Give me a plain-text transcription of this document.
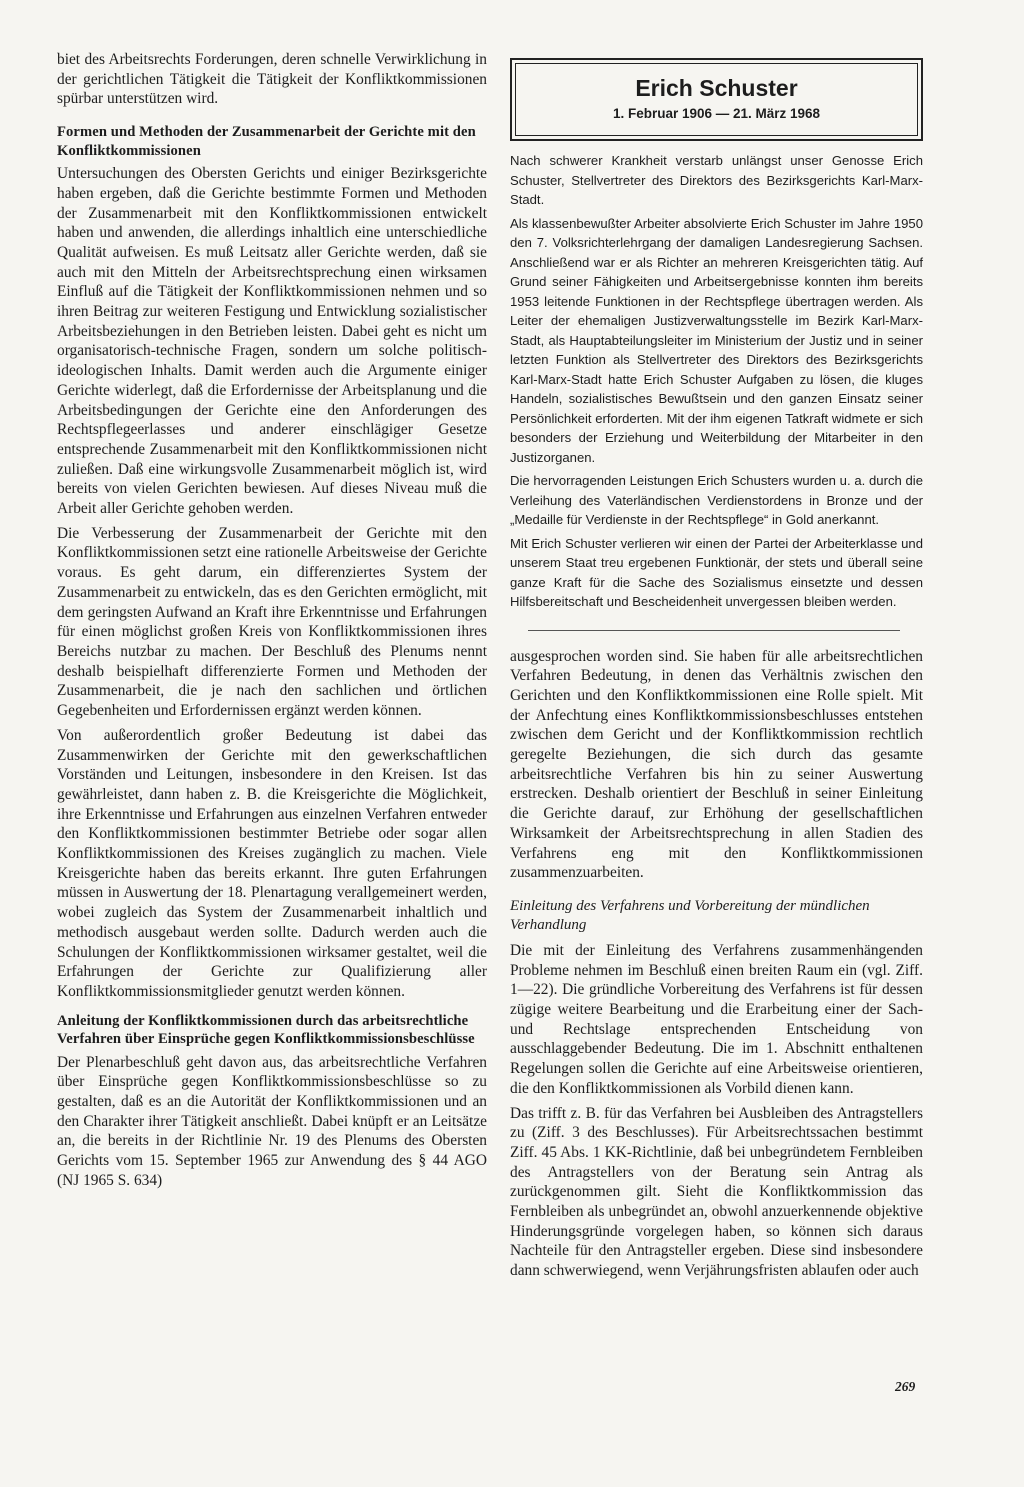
biet des Arbeitsrechts Forderungen, deren schnelle Verwirklichung in der gerichtlichen Tätigkeit die Tätigkeit der Konfliktkommissionen spürbar unterstützen wird.

Formen und Methoden der Zusammenarbeit der Gerichte mit den Konfliktkommissionen

Untersuchungen des Obersten Gerichts und einiger Bezirksgerichte haben ergeben, daß die Gerichte bestimmte Formen und Methoden der Zusammenarbeit mit den Konfliktkommissionen entwickelt haben und anwenden, die allerdings inhaltlich eine unterschiedliche Qualität aufweisen. Es muß Leitsatz aller Gerichte werden, daß sie auch mit den Mitteln der Arbeitsrechtsprechung einen wirksamen Einfluß auf die Tätigkeit der Konfliktkommissionen nehmen und so ihren Beitrag zur weiteren Festigung und Entwicklung sozialistischer Arbeitsbeziehungen in den Betrieben leisten. Dabei geht es nicht um organisatorisch-technische Fragen, sondern um solche politisch-ideologischen Inhalts. Damit werden auch die Argumente einiger Gerichte widerlegt, daß die Erfordernisse der Arbeitsplanung und die Arbeitsbedingungen der Gerichte eine den Anforderungen des Rechtspflegeerlasses und anderer einschlägiger Gesetze entsprechende Zusammenarbeit mit den Konfliktkommissionen nicht zuließen. Daß eine wirkungsvolle Zusammenarbeit möglich ist, wird bereits von vielen Gerichten bewiesen. Auf dieses Niveau muß die Arbeit aller Gerichte gehoben werden.

Die Verbesserung der Zusammenarbeit der Gerichte mit den Konfliktkommissionen setzt eine rationelle Arbeitsweise der Gerichte voraus. Es geht darum, ein differenziertes System der Zusammenarbeit zu entwickeln, das es den Gerichten ermöglicht, mit dem geringsten Aufwand an Kraft ihre Erkenntnisse und Erfahrungen für einen möglichst großen Kreis von Konfliktkommissionen ihres Bereichs nutzbar zu machen. Der Beschluß des Plenums nennt deshalb beispielhaft differenzierte Formen und Methoden der Zusammenarbeit, die je nach den sachlichen und örtlichen Gegebenheiten und Erfordernissen ergänzt werden können.

Von außerordentlich großer Bedeutung ist dabei das Zusammenwirken der Gerichte mit den gewerkschaftlichen Vorständen und Leitungen, insbesondere in den Kreisen. Ist das gewährleistet, dann haben z. B. die Kreisgerichte die Möglichkeit, ihre Erkenntnisse und Erfahrungen aus einzelnen Verfahren entweder den Konfliktkommissionen bestimmter Betriebe oder sogar allen Konfliktkommissionen des Kreises zugänglich zu machen. Viele Kreisgerichte haben das bereits erkannt. Ihre guten Erfahrungen müssen in Auswertung der 18. Plenartagung verallgemeinert werden, wobei zugleich das System der Zusammenarbeit inhaltlich und methodisch ausgebaut werden sollte. Dadurch werden auch die Schulungen der Konfliktkommissionen wirksamer gestaltet, weil die Erfahrungen der Gerichte zur Qualifizierung aller Konfliktkommissionsmitglieder genutzt werden können.

Anleitung der Konfliktkommissionen durch das arbeitsrechtliche Verfahren über Einsprüche gegen Konfliktkommissionsbeschlüsse

Der Plenarbeschluß geht davon aus, das arbeitsrechtliche Verfahren über Einsprüche gegen Konfliktkommissionsbeschlüsse so zu gestalten, daß es an die Autorität der Konfliktkommissionen und an den Charakter ihrer Tätigkeit anschließt. Dabei knüpft er an Leitsätze an, die bereits in der Richtlinie Nr. 19 des Plenums des Obersten Gerichts vom 15. September 1965 zur Anwendung des § 44 AGO (NJ 1965 S. 634)

Erich Schuster
1. Februar 1906 — 21. März 1968

Nach schwerer Krankheit verstarb unlängst unser Genosse Erich Schuster, Stellvertreter des Direktors des Bezirksgerichts Karl-Marx-Stadt.

Als klassenbewußter Arbeiter absolvierte Erich Schuster im Jahre 1950 den 7. Volksrichterlehrgang der damaligen Landesregierung Sachsen. Anschließend war er als Richter an mehreren Kreisgerichten tätig. Auf Grund seiner Fähigkeiten und Arbeitsergebnisse konnten ihm bereits 1953 leitende Funktionen in der Rechtspflege übertragen werden. Als Leiter der ehemaligen Justizverwaltungsstelle im Bezirk Karl-Marx-Stadt, als Hauptabteilungsleiter im Ministerium der Justiz und in seiner letzten Funktion als Stellvertreter des Direktors des Bezirksgerichts Karl-Marx-Stadt hatte Erich Schuster Aufgaben zu lösen, die kluges Handeln, sozialistisches Bewußtsein und den ganzen Einsatz seiner Persönlichkeit erforderten. Mit der ihm eigenen Tatkraft widmete er sich besonders der Erziehung und Weiterbildung der Mitarbeiter in den Justizorganen.

Die hervorragenden Leistungen Erich Schusters wurden u. a. durch die Verleihung des Vaterländischen Verdienstordens in Bronze und der „Medaille für Verdienste in der Rechtspflege“ in Gold anerkannt.

Mit Erich Schuster verlieren wir einen der Partei der Arbeiterklasse und unserem Staat treu ergebenen Funktionär, der stets und überall seine ganze Kraft für die Sache des Sozialismus einsetzte und dessen Hilfsbereitschaft und Bescheidenheit unvergessen bleiben werden.

ausgesprochen worden sind. Sie haben für alle arbeitsrechtlichen Verfahren Bedeutung, in denen das Verhältnis zwischen den Gerichten und den Konfliktkommissionen eine Rolle spielt. Mit der Anfechtung eines Konfliktkommissionsbeschlusses entstehen zwischen dem Gericht und der Konfliktkommission rechtlich geregelte Beziehungen, die sich durch das gesamte arbeitsrechtliche Verfahren bis hin zu seiner Auswertung erstrecken. Deshalb orientiert der Beschluß in seiner Einleitung die Gerichte darauf, zur Erhöhung der gesellschaftlichen Wirksamkeit der Arbeitsrechtsprechung in allen Stadien des Verfahrens eng mit den Konfliktkommissionen zusammenzuarbeiten.

Einleitung des Verfahrens und Vorbereitung der mündlichen Verhandlung

Die mit der Einleitung des Verfahrens zusammenhängenden Probleme nehmen im Beschluß einen breiten Raum ein (vgl. Ziff. 1—22). Die gründliche Vorbereitung des Verfahrens ist für dessen zügige weitere Bearbeitung und die Erarbeitung einer der Sach- und Rechtslage entsprechenden Entscheidung von ausschlaggebender Bedeutung. Die im 1. Abschnitt enthaltenen Regelungen sollen die Gerichte auf eine Arbeitsweise orientieren, die den Konfliktkommissionen als Vorbild dienen kann.

Das trifft z. B. für das Verfahren bei Ausbleiben des Antragstellers zu (Ziff. 3 des Beschlusses). Für Arbeitsrechtssachen bestimmt Ziff. 45 Abs. 1 KK-Richtlinie, daß bei unbegründetem Fernbleiben des Antragstellers von der Beratung sein Antrag als zurückgenommen gilt. Sieht die Konfliktkommission das Fernbleiben als unbegründet an, obwohl anzuerkennende objektive Hinderungsgründe vorgelegen haben, so können sich daraus Nachteile für den Antragsteller ergeben. Diese sind insbesondere dann schwerwiegend, wenn Verjährungsfristen ablaufen oder auch

269
